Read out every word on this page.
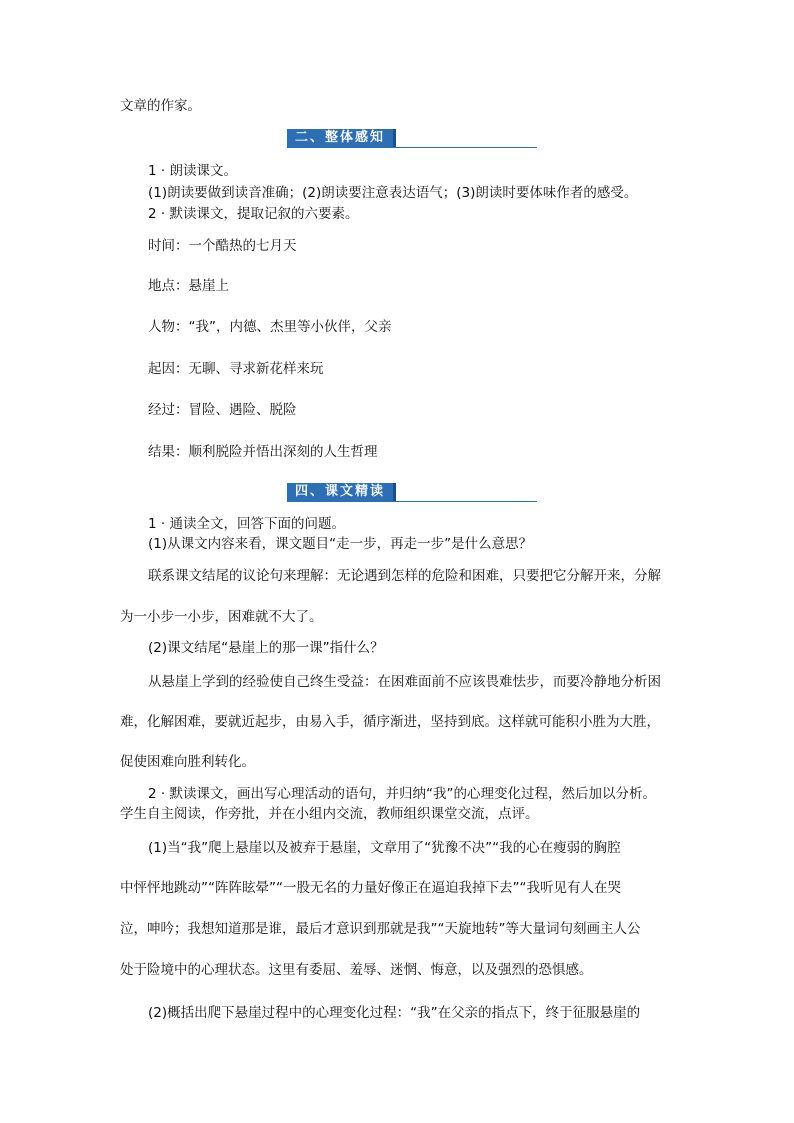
文章的作家。
二、整体感知
1 · 朗读课文。
(1)朗读要做到读音准确；(2)朗读要注意表达语气；(3)朗读时要体味作者的感受。
2 · 默读课文，提取记叙的六要素。
时间：一个酷热的七月天
地点：悬崖上
人物：“我”，内德、杰里等小伙伴，父亲
起因：无聊、寻求新花样来玩
经过：冒险、遇险、脱险
结果：顺利脱险并悟出深刻的人生哲理
四、课文精读
1 · 通读全文，回答下面的问题。
(1)从课文内容来看，课文题目“走一步，再走一步”是什么意思？
联系课文结尾的议论句来理解：无论遇到怎样的危险和困难，只要把它分解开来，分解
为一小步一小步，困难就不大了。
(2)课文结尾“悬崖上的那一课”指什么？
从悬崖上学到的经验使自己终生受益：在困难面前不应该畏难怯步，而要冷静地分析困
难，化解困难，要就近起步，由易入手，循序渐进，坚持到底。这样就可能积小胜为大胜，
促使困难向胜利转化。
2 · 默读课文，画出写心理活动的语句，并归纳“我”的心理变化过程，然后加以分析。
学生自主阅读，作旁批，并在小组内交流，教师组织课堂交流，点评。
(1)当“我”爬上悬崖以及被弃于悬崖，文章用了“犹豫不决”“我的心在瘦弱的胸腔
中怦怦地跳动”“阵阵眩晕”“一股无名的力量好像正在逼迫我掉下去”“我听见有人在哭
泣，呻吟；我想知道那是谁，最后才意识到那就是我”“天旋地转”等大量词句刻画主人公
处于险境中的心理状态。这里有委屈、羞辱、迷惘、悔意，以及强烈的恐惧感。
(2)概括出爬下悬崖过程中的心理变化过程：“我”在父亲的指点下，终于征服悬崖的
